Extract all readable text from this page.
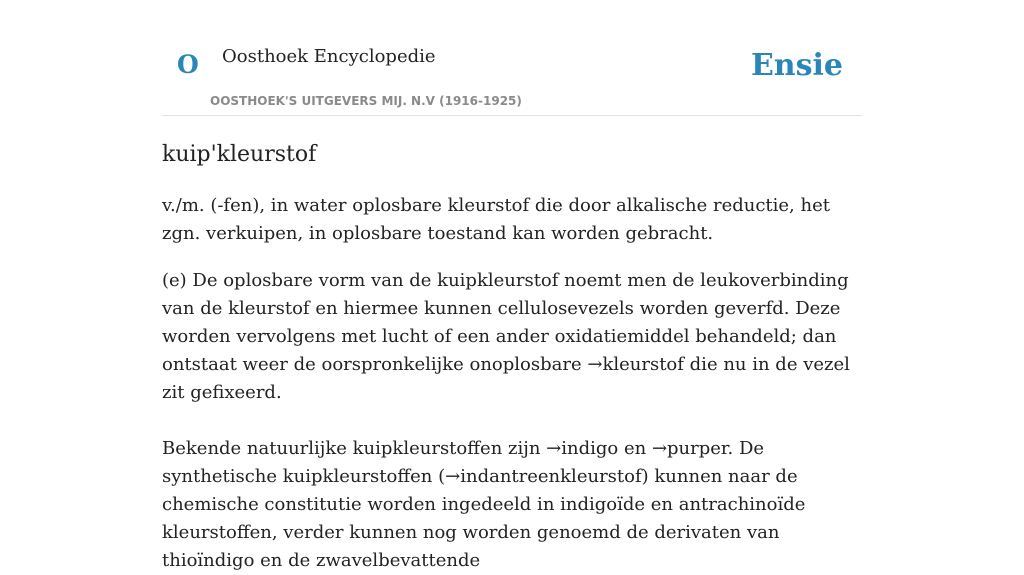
O Oosthoek Encyclopedie
OOSTHOEK'S UITGEVERS MIJ. N.V (1916-1925)
Ensie
kuip'kleurstof

v./m. (-fen), in water oplosbare kleurstof die door alkalische reductie, het zgn. verkuipen, in oplosbare toestand kan worden gebracht.

(e) De oplosbare vorm van de kuipkleurstof noemt men de leukoverbinding van de kleurstof en hiermee kunnen cellulosevezels worden geverfd. Deze worden vervolgens met lucht of een ander oxidatiemiddel behandeld; dan ontstaat weer de oorspronkelijke onoplosbare →kleurstof die nu in de vezel zit gefixeerd.

Bekende natuurlijke kuipkleurstoffen zijn →indigo en →purper. De synthetische kuipkleurstoffen (→indantreenkleurstof) kunnen naar de chemische constitutie worden ingedeeld in indigoïde en antrachinoïde kleurstoffen, verder kunnen nog worden genoemd de derivaten van thioïndigo en de zwavelbevattende
